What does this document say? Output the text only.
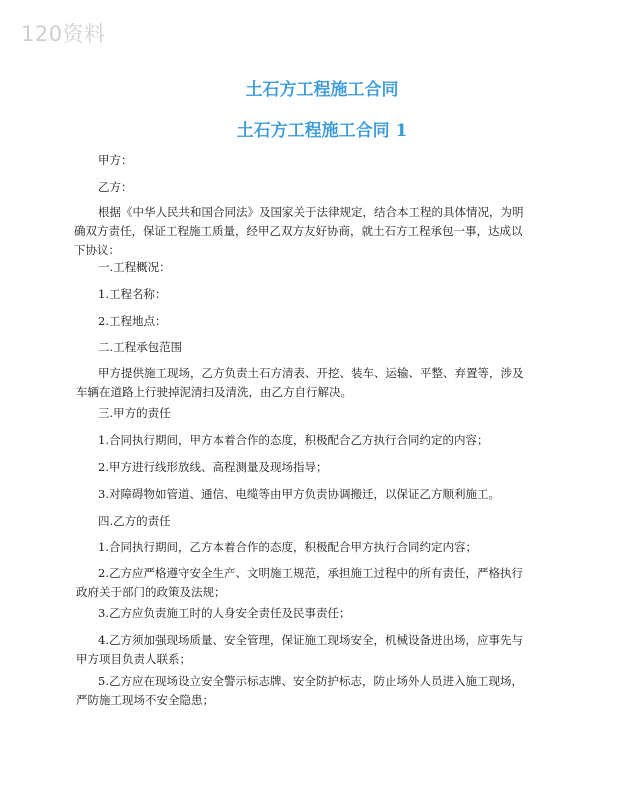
120资料
土石方工程施工合同
土石方工程施工合同 1

甲方：

乙方：

根据《中华人民共和国合同法》及国家关于法律规定，结合本工程的具体情况，为明
确双方责任，保证工程施工质量，经甲乙双方友好协商，就土石方工程承包一事，达成以
下协议：

一.工程概况：

1.工程名称：

2.工程地点：

二.工程承包范围

甲方提供施工现场，乙方负责土石方清表、开挖、装车、运输、平整、弃置等，涉及
车辆在道路上行驶掉泥清扫及清洗，由乙方自行解决。

三.甲方的责任

1.合同执行期间，甲方本着合作的态度，积极配合乙方执行合同约定的内容；

2.甲方进行线形放线、高程测量及现场指导；

3.对障碍物如管道、通信、电缆等由甲方负责协调搬迁，以保证乙方顺利施工。

四.乙方的责任

1.合同执行期间，乙方本着合作的态度，积极配合甲方执行合同约定内容；

2.乙方应严格遵守安全生产、文明施工规范，承担施工过程中的所有责任，严格执行
政府关于部门的政策及法规；

3.乙方应负责施工时的人身安全责任及民事责任；

4.乙方须加强现场质量、安全管理，保证施工现场安全，机械设备进出场，应事先与
甲方项目负责人联系；
5.乙方应在现场设立安全警示标志牌、安全防护标志，防止场外人员进入施工现场，
严防施工现场不安全隐患；
